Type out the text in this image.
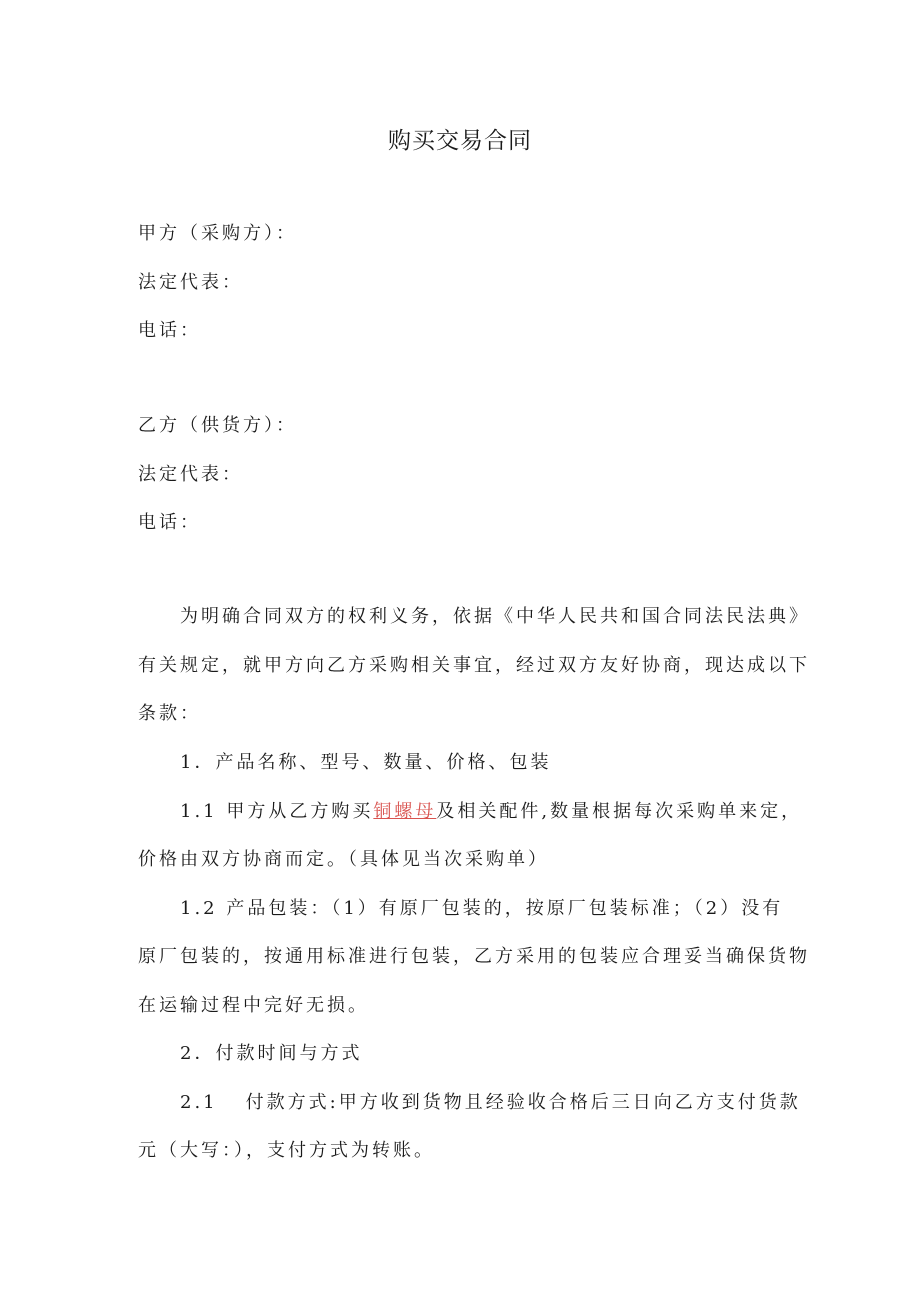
购买交易合同
甲方（采购方）：
法定代表：
电话：
乙方（供货方）：
法定代表：
电话：
为明确合同双方的权利义务，依据《中华人民共和国合同法民法典》
有关规定，就甲方向乙方采购相关事宜，经过双方友好协商，现达成以下
条款：
1．产品名称、型号、数量、价格、包装
1.1 甲方从乙方购买铜螺母及相关配件,数量根据每次采购单来定，
价格由双方协商而定。（具体见当次采购单）
1.2 产品包装：（1）有原厂包装的，按原厂包装标准；（2）没有
原厂包装的，按通用标准进行包装，乙方采用的包装应合理妥当确保货物
在运输过程中完好无损。
2．付款时间与方式
2.1 付款方式:甲方收到货物且经验收合格后三日向乙方支付货款
元（大写：），支付方式为转账。
